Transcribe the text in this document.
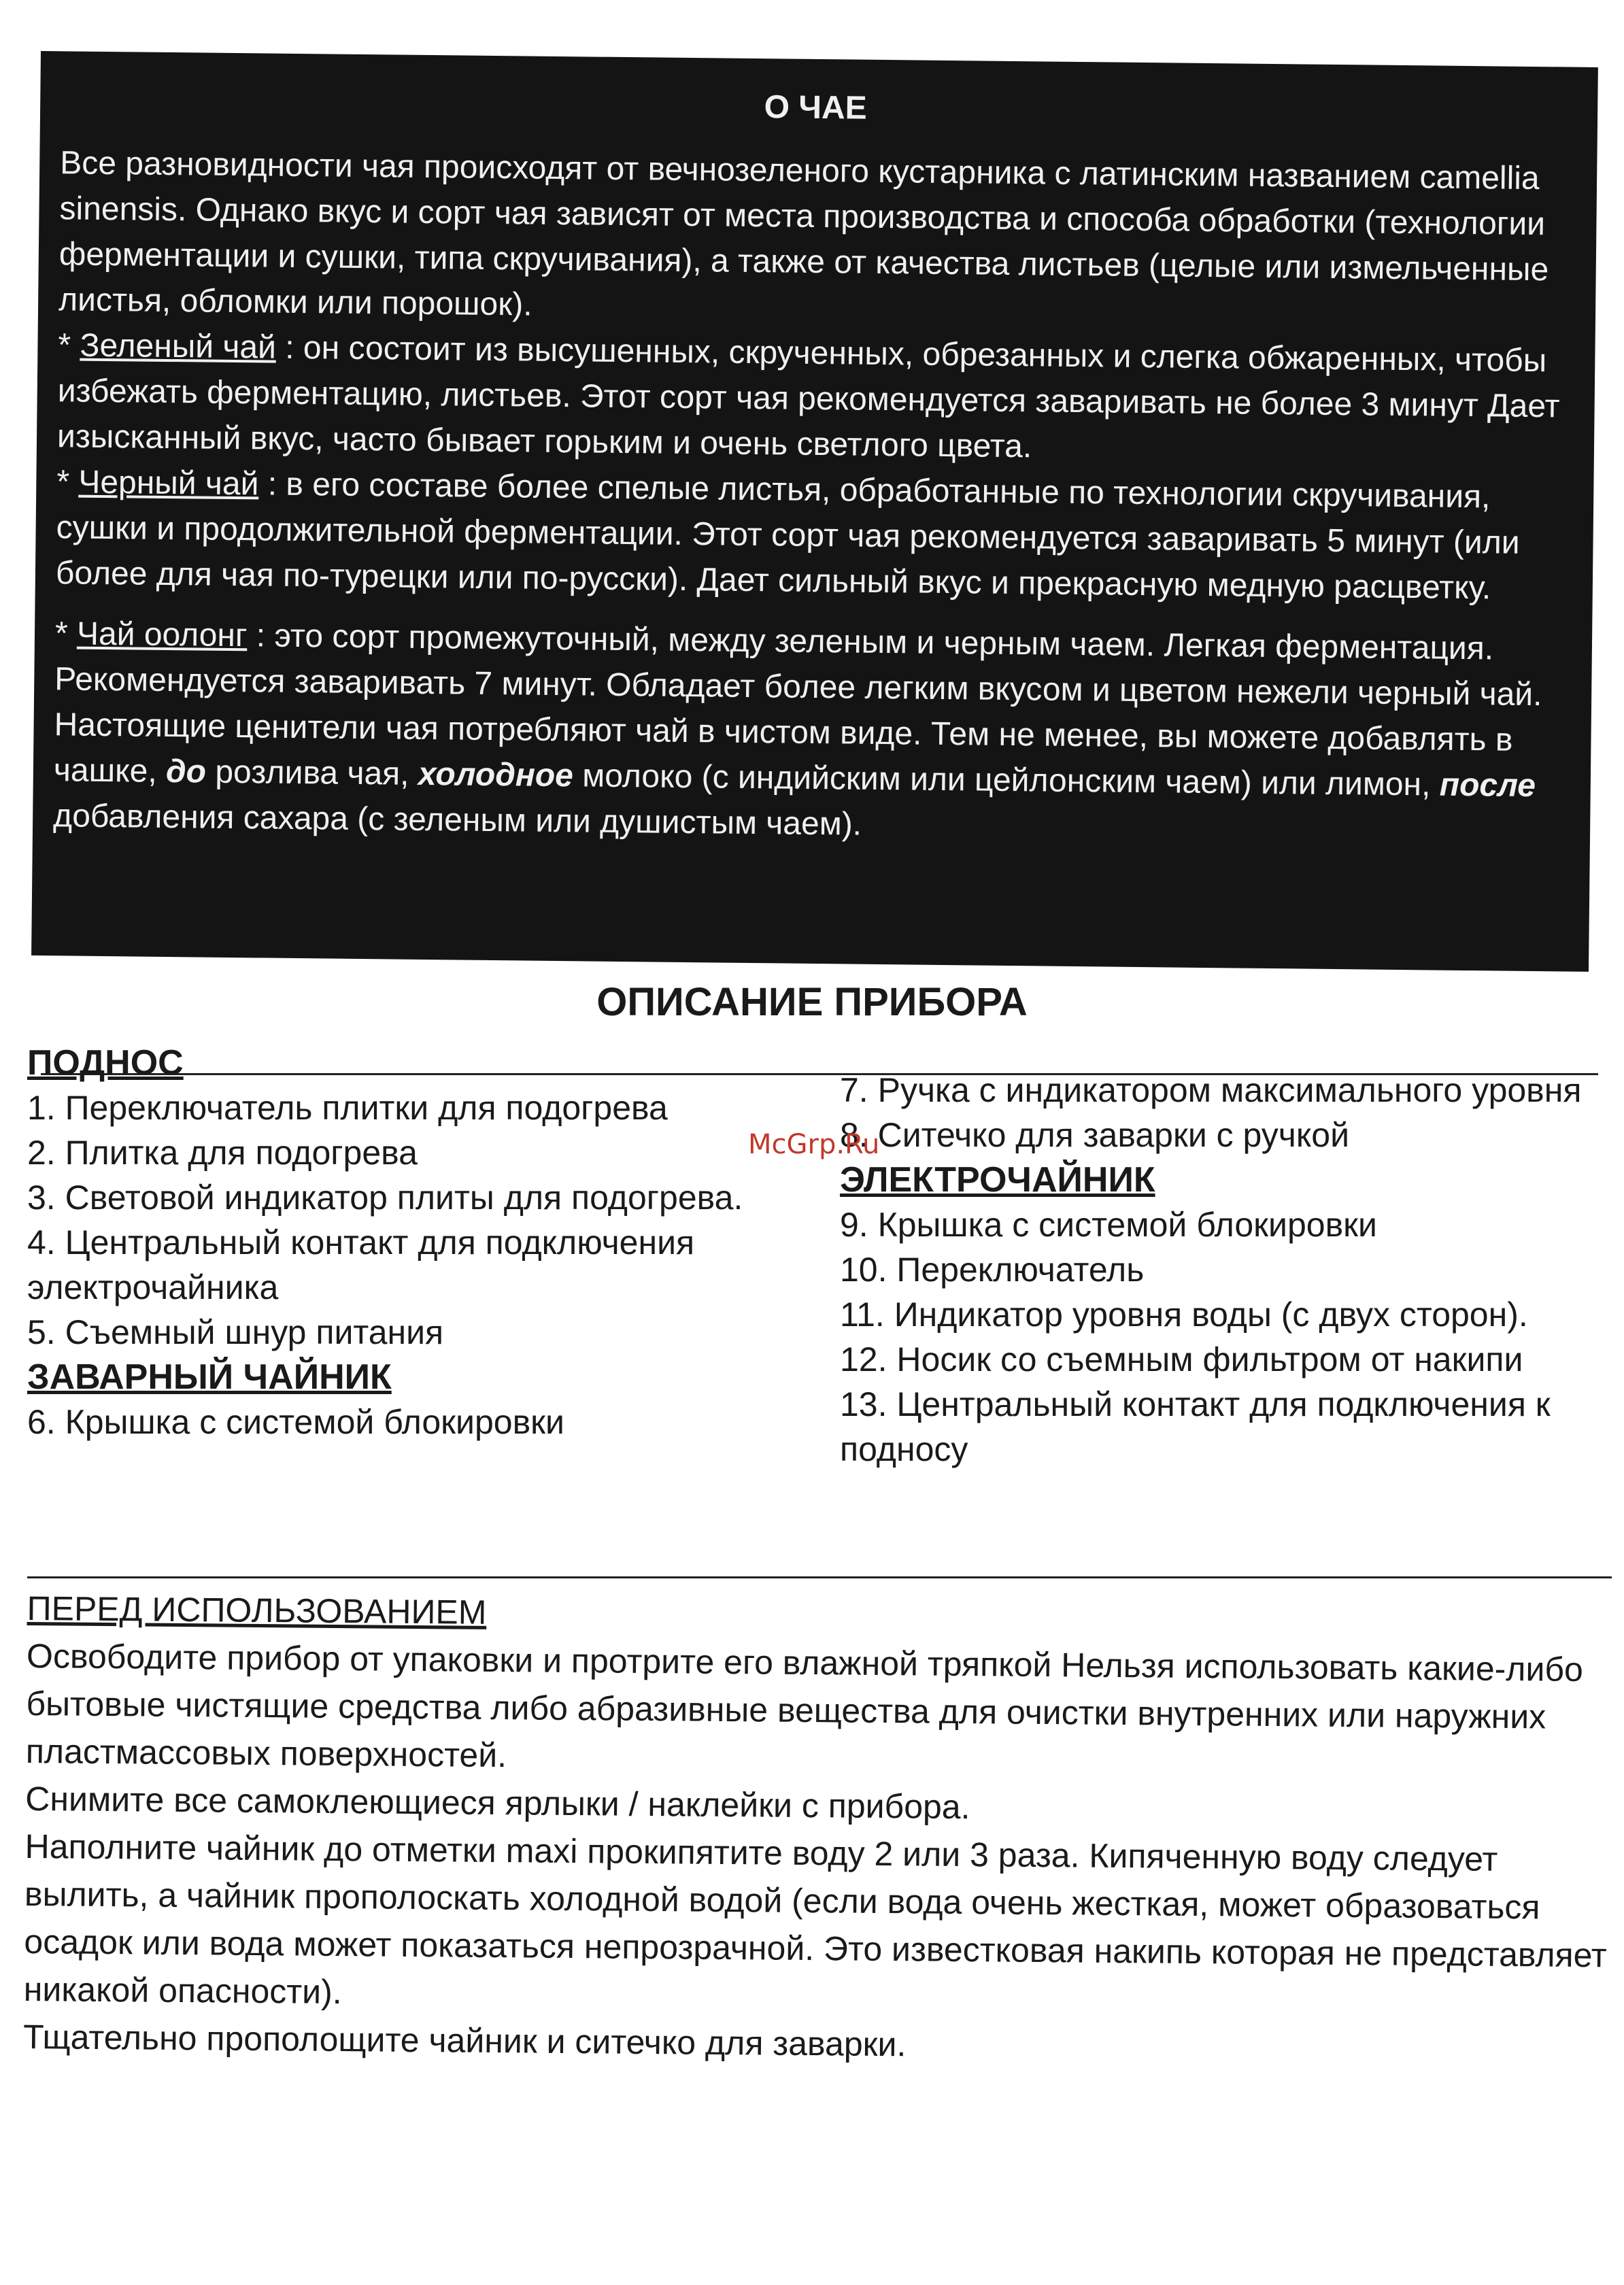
О ЧАЕ

Все разновидности чая происходят от вечнозеленого кустарника с латинским названием camellia sinensis. Однако вкус и сорт чая зависят от места производства и способа обработки (технологии ферментации и сушки, типа скручивания), а также от качества листьев (целые или измельченные листья, обломки или порошок).

* Зеленый чай : он состоит из высушенных, скрученных, обрезанных и слегка обжаренных, чтобы избежать ферментацию, листьев. Этот сорт чая рекомендуется заваривать не более 3 минут Дает изысканный вкус, часто бывает горьким и очень светлого цвета.

* Черный чай : в его составе более спелые листья, обработанные по технологии скручивания, сушки и продолжительной ферментации. Этот сорт чая рекомендуется заваривать 5 минут (или более для чая по-турецки или по-русски). Дает сильный вкус и прекрасную медную расцветку.

* Чай оолонг : это сорт промежуточный, между зеленым и черным чаем. Легкая ферментация. Рекомендуется заваривать 7 минут. Обладает более легким вкусом и цветом нежели черный чай.

Настоящие ценители чая потребляют чай в чистом виде. Тем не менее, вы можете добавлять в чашке, до розлива чая, холодное молоко (с индийским или цейлонским чаем) или лимон, после добавления сахара (с зеленым или душистым чаем).

ОПИСАНИЕ ПРИБОРА
ПОДНОС
1. Переключатель плитки для подогрева
2. Плитка для подогрева
3. Световой индикатор плиты для подогрева.
4. Центральный контакт для подключения электрочайника
5. Съемный шнур питания
ЗАВАРНЫЙ ЧАЙНИК
6. Крышка с системой блокировки
7. Ручка с индикатором максимального уровня
8. Ситечко для заварки с ручкой
ЭЛЕКТРОЧАЙНИК
9. Крышка с системой блокировки
10. Переключатель
11. Индикатор уровня воды (с двух сторон).
12. Носик со съемным фильтром от накипи
13. Центральный контакт для подключения к подносу
McGrp.Ru
ПЕРЕД ИСПОЛЬЗОВАНИЕМ

Освободите прибор от упаковки и протрите его влажной тряпкой Нельзя использовать какие-либо бытовые чистящие средства либо абразивные вещества для очистки внутренних или наружних пластмассовых поверхностей.

Снимите все самоклеющиеся ярлыки / наклейки с прибора.

Наполните чайник до отметки maxi прокипятите воду 2 или 3 раза. Кипяченную воду следует вылить, а чайник прополоскать холодной водой (если вода очень жесткая, может образоваться осадок или вода может показаться непрозрачной. Это известковая накипь которая не представляет никакой опасности).

Тщательно прополощите чайник и ситечко для заварки.
